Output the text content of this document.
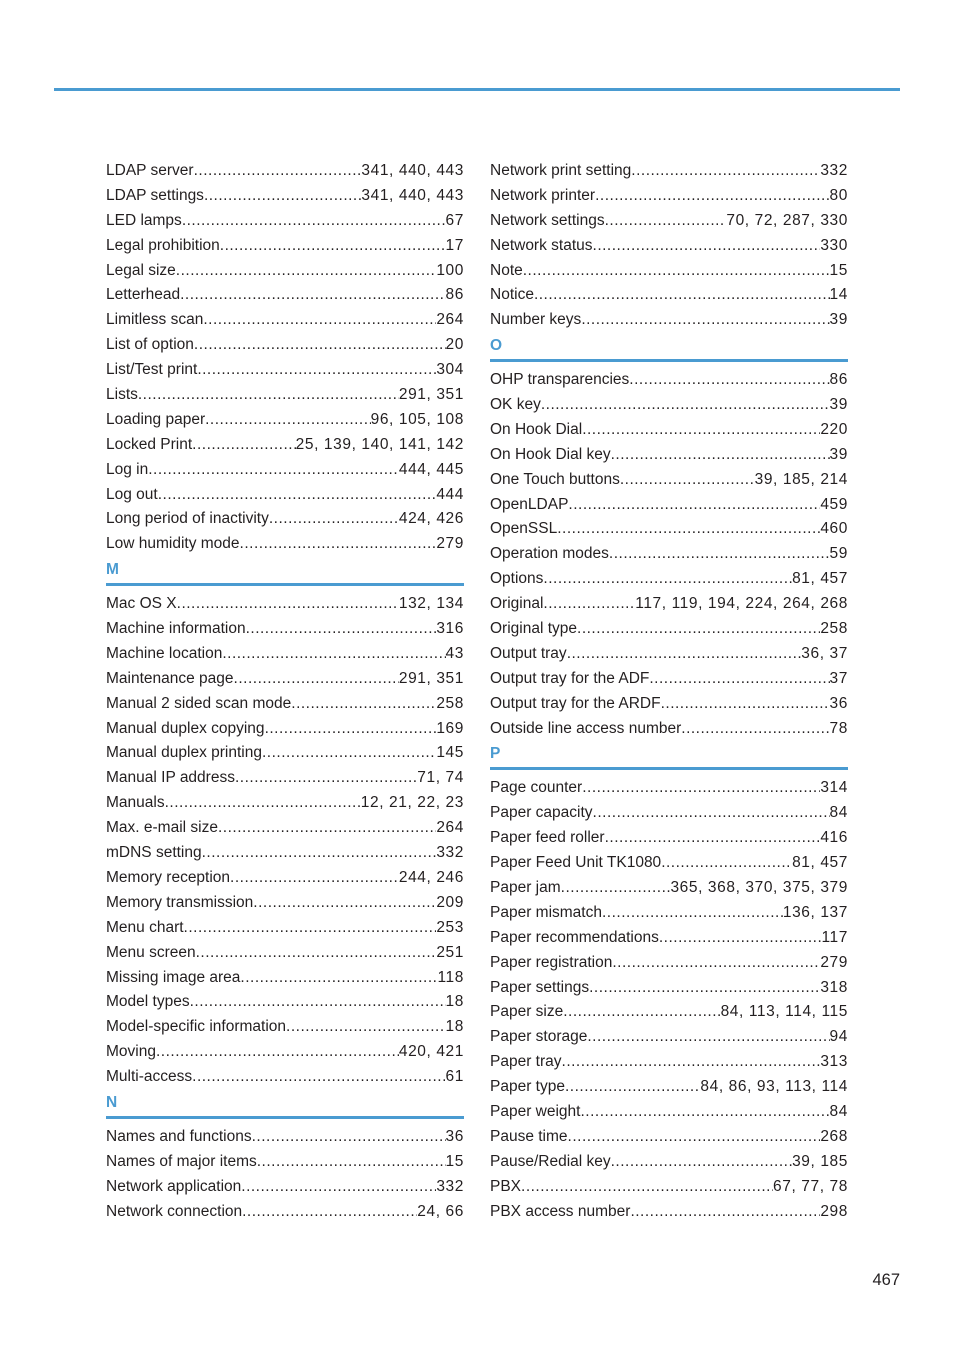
LDAP server .....	341, 440, 443
LDAP settings .....	341, 440, 443
LED lamps .....	67
Legal prohibition .....	17
Legal size .....	100
Letterhead .....	86
Limitless scan .....	264
List of option .....	20
List/Test print .....	304
Lists .....	291, 351
Loading paper .....	96, 105, 108
Locked Print .....	25, 139, 140, 141, 142
Log in .....	444, 445
Log out .....	444
Long period of inactivity .....	424, 426
Low humidity mode .....	279
M
Mac OS X .....	132, 134
Machine information .....	316
Machine location .....	43
Maintenance page .....	291, 351
Manual 2 sided scan mode .....	258
Manual duplex copying .....	169
Manual duplex printing .....	145
Manual IP address .....	71, 74
Manuals .....	12, 21, 22, 23
Max. e-mail size .....	264
mDNS setting .....	332
Memory reception .....	244, 246
Memory transmission .....	209
Menu chart .....	253
Menu screen .....	251
Missing image area .....	118
Model types .....	18
Model-specific information .....	18
Moving .....	420, 421
Multi-access .....	61
N
Names and functions .....	36
Names of major items .....	15
Network application .....	332
Network connection .....	24, 66
Network print setting .....	332
Network printer .....	80
Network settings .....	70, 72, 287, 330
Network status .....	330
Note .....	15
Notice .....	14
Number keys .....	39
O
OHP transparencies .....	86
OK key .....	39
On Hook Dial .....	220
On Hook Dial key .....	39
One Touch buttons .....	39, 185, 214
OpenLDAP .....	459
OpenSSL .....	460
Operation modes .....	59
Options .....	81, 457
Original .....	117, 119, 194, 224, 264, 268
Original type .....	258
Output tray .....	36, 37
Output tray for the ADF .....	37
Output tray for the ARDF .....	36
Outside line access number .....	78
P
Page counter .....	314
Paper capacity .....	84
Paper feed roller .....	416
Paper Feed Unit TK1080 .....	81, 457
Paper jam .....	365, 368, 370, 375, 379
Paper mismatch .....	136, 137
Paper recommendations .....	117
Paper registration .....	279
Paper settings .....	318
Paper size .....	84, 113, 114, 115
Paper storage .....	94
Paper tray .....	313
Paper type .....	84, 86, 93, 113, 114
Paper weight .....	84
Pause time .....	268
Pause/Redial key .....	39, 185
PBX .....	67, 77, 78
PBX access number .....	298
467
